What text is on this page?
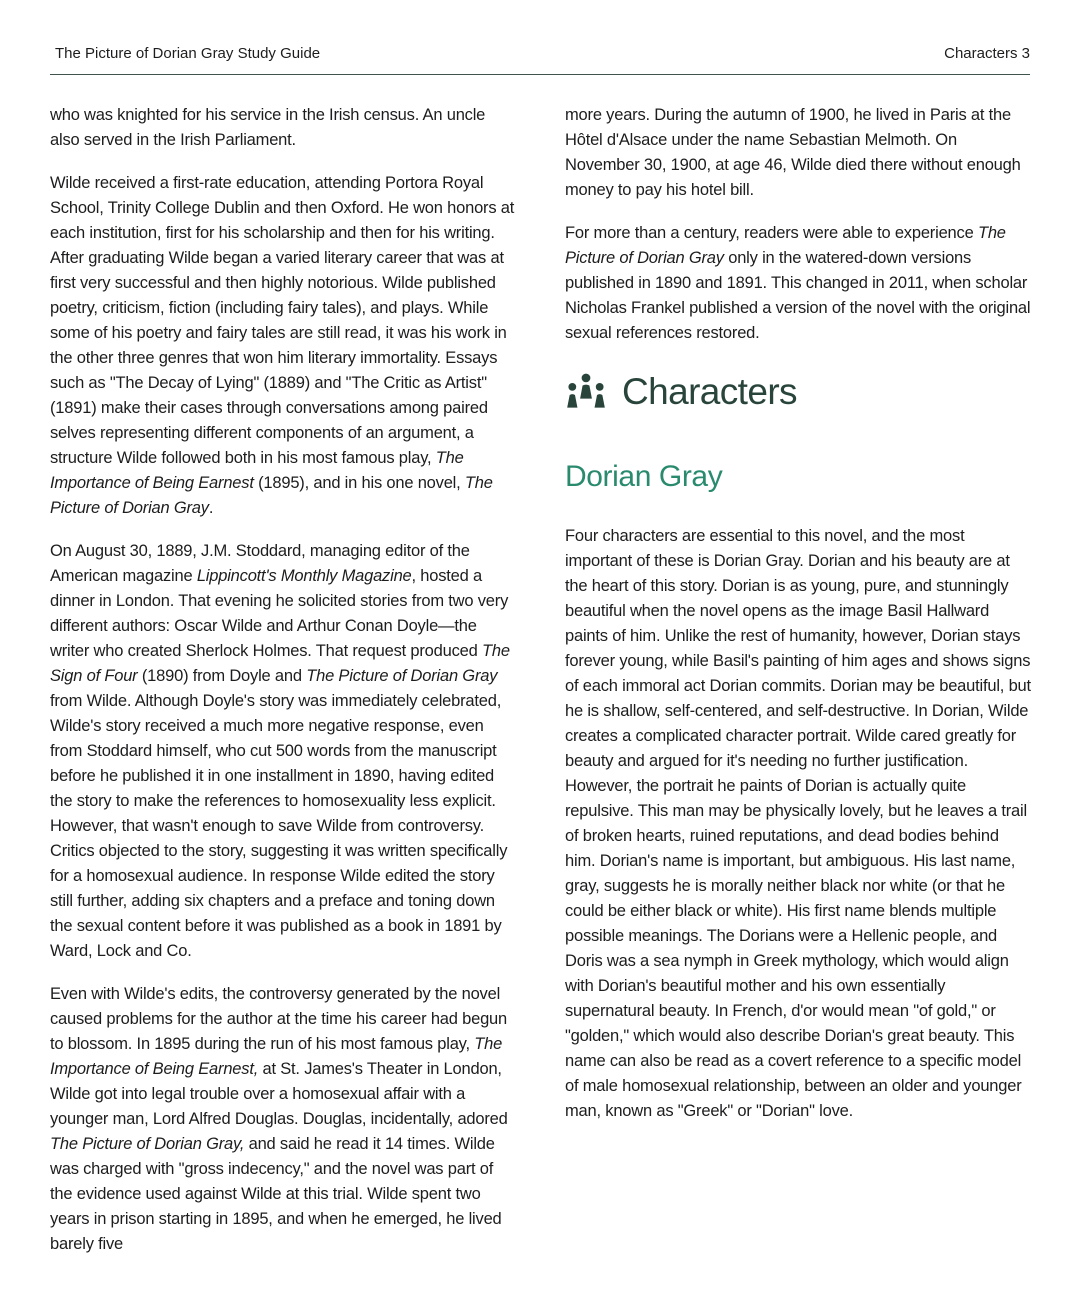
The Picture of Dorian Gray Study Guide	Characters 3

who was knighted for his service in the Irish census. An uncle also served in the Irish Parliament.

Wilde received a first-rate education, attending Portora Royal School, Trinity College Dublin and then Oxford. He won honors at each institution, first for his scholarship and then for his writing. After graduating Wilde began a varied literary career that was at first very successful and then highly notorious. Wilde published poetry, criticism, fiction (including fairy tales), and plays. While some of his poetry and fairy tales are still read, it was his work in the other three genres that won him literary immortality. Essays such as "The Decay of Lying" (1889) and "The Critic as Artist" (1891) make their cases through conversations among paired selves representing different components of an argument, a structure Wilde followed both in his most famous play, The Importance of Being Earnest (1895), and in his one novel, The Picture of Dorian Gray.

On August 30, 1889, J.M. Stoddard, managing editor of the American magazine Lippincott's Monthly Magazine, hosted a dinner in London. That evening he solicited stories from two very different authors: Oscar Wilde and Arthur Conan Doyle—the writer who created Sherlock Holmes. That request produced The Sign of Four (1890) from Doyle and The Picture of Dorian Gray from Wilde. Although Doyle's story was immediately celebrated, Wilde's story received a much more negative response, even from Stoddard himself, who cut 500 words from the manuscript before he published it in one installment in 1890, having edited the story to make the references to homosexuality less explicit. However, that wasn't enough to save Wilde from controversy. Critics objected to the story, suggesting it was written specifically for a homosexual audience. In response Wilde edited the story still further, adding six chapters and a preface and toning down the sexual content before it was published as a book in 1891 by Ward, Lock and Co.

Even with Wilde's edits, the controversy generated by the novel caused problems for the author at the time his career had begun to blossom. In 1895 during the run of his most famous play, The Importance of Being Earnest, at St. James's Theater in London, Wilde got into legal trouble over a homosexual affair with a younger man, Lord Alfred Douglas. Douglas, incidentally, adored The Picture of Dorian Gray, and said he read it 14 times. Wilde was charged with "gross indecency," and the novel was part of the evidence used against Wilde at this trial. Wilde spent two years in prison starting in 1895, and when he emerged, he lived barely five

more years. During the autumn of 1900, he lived in Paris at the Hôtel d'Alsace under the name Sebastian Melmoth. On November 30, 1900, at age 46, Wilde died there without enough money to pay his hotel bill.

For more than a century, readers were able to experience The Picture of Dorian Gray only in the watered-down versions published in 1890 and 1891. This changed in 2011, when scholar Nicholas Frankel published a version of the novel with the original sexual references restored.

Characters
Dorian Gray

Four characters are essential to this novel, and the most important of these is Dorian Gray. Dorian and his beauty are at the heart of this story. Dorian is as young, pure, and stunningly beautiful when the novel opens as the image Basil Hallward paints of him. Unlike the rest of humanity, however, Dorian stays forever young, while Basil's painting of him ages and shows signs of each immoral act Dorian commits. Dorian may be beautiful, but he is shallow, self-centered, and self-destructive. In Dorian, Wilde creates a complicated character portrait. Wilde cared greatly for beauty and argued for it's needing no further justification. However, the portrait he paints of Dorian is actually quite repulsive. This man may be physically lovely, but he leaves a trail of broken hearts, ruined reputations, and dead bodies behind him. Dorian's name is important, but ambiguous. His last name, gray, suggests he is morally neither black nor white (or that he could be either black or white). His first name blends multiple possible meanings. The Dorians were a Hellenic people, and Doris was a sea nymph in Greek mythology, which would align with Dorian's beautiful mother and his own essentially supernatural beauty. In French, d'or would mean "of gold," or "golden," which would also describe Dorian's great beauty. This name can also be read as a covert reference to a specific model of male homosexual relationship, between an older and younger man, known as "Greek" or "Dorian" love.
